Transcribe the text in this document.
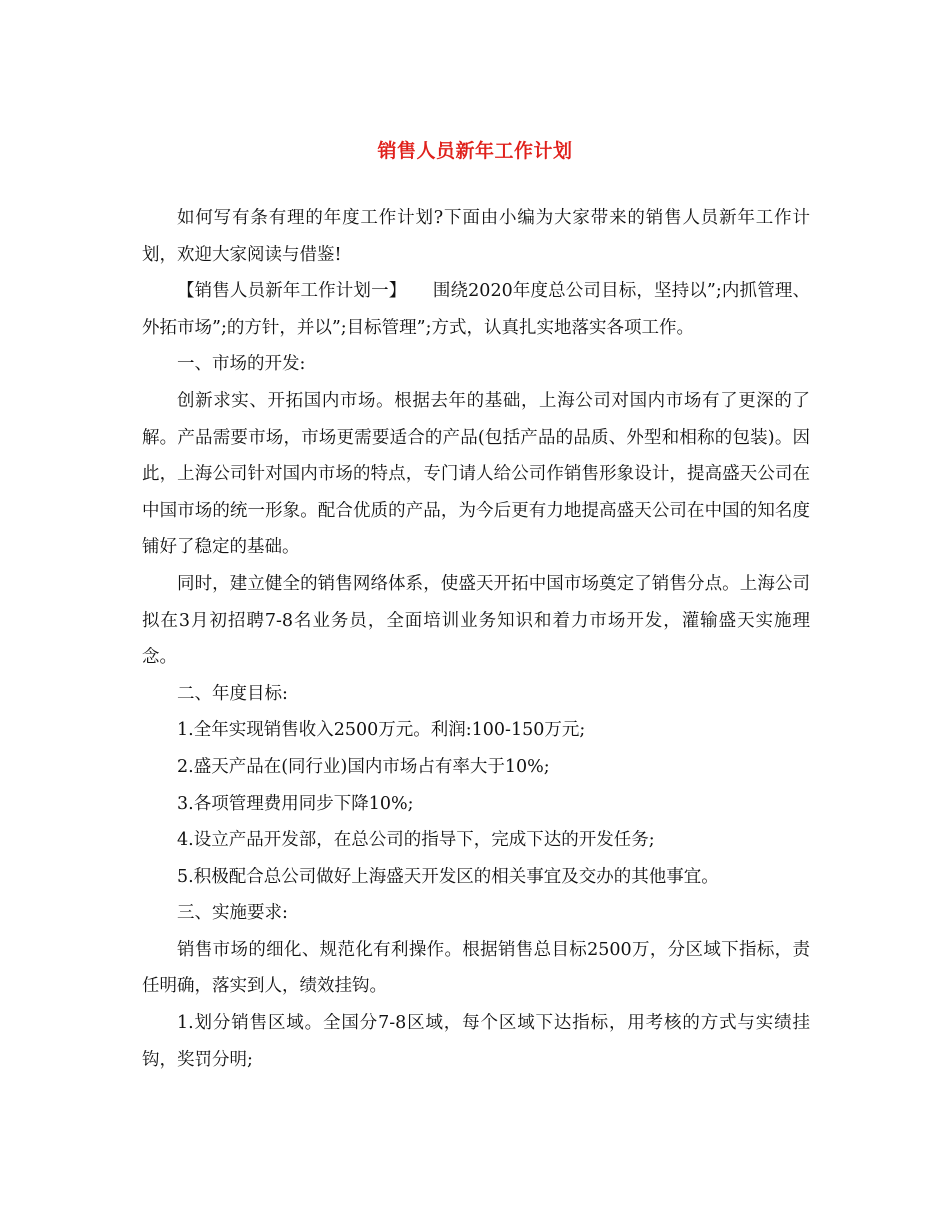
销售人员新年工作计划

如何写有条有理的年度工作计划?下面由小编为大家带来的销售人员新年工作计划，欢迎大家阅读与借鉴!

【销售人员新年工作计划一】　　围绕2020年度总公司目标，坚持以”;内抓管理、外拓市场”;的方针，并以”;目标管理”;方式，认真扎实地落实各项工作。

一、市场的开发:

创新求实、开拓国内市场。根据去年的基础，上海公司对国内市场有了更深的了解。产品需要市场，市场更需要适合的产品(包括产品的品质、外型和相称的包装)。因此，上海公司针对国内市场的特点，专门请人给公司作销售形象设计，提高盛天公司在中国市场的统一形象。配合优质的产品，为今后更有力地提高盛天公司在中国的知名度铺好了稳定的基础。

同时，建立健全的销售网络体系，使盛天开拓中国市场奠定了销售分点。上海公司拟在3月初招聘7-8名业务员，全面培训业务知识和着力市场开发，灌输盛天实施理念。

二、年度目标:

1.全年实现销售收入2500万元。利润:100-150万元;

2.盛天产品在(同行业)国内市场占有率大于10%;

3.各项管理费用同步下降10%;

4.设立产品开发部，在总公司的指导下，完成下达的开发任务;

5.积极配合总公司做好上海盛天开发区的相关事宜及交办的其他事宜。

三、实施要求:

销售市场的细化、规范化有利操作。根据销售总目标2500万，分区域下指标，责任明确，落实到人，绩效挂钩。

1.划分销售区域。全国分7-8区域，每个区域下达指标，用考核的方式与实绩挂钩，奖罚分明;
